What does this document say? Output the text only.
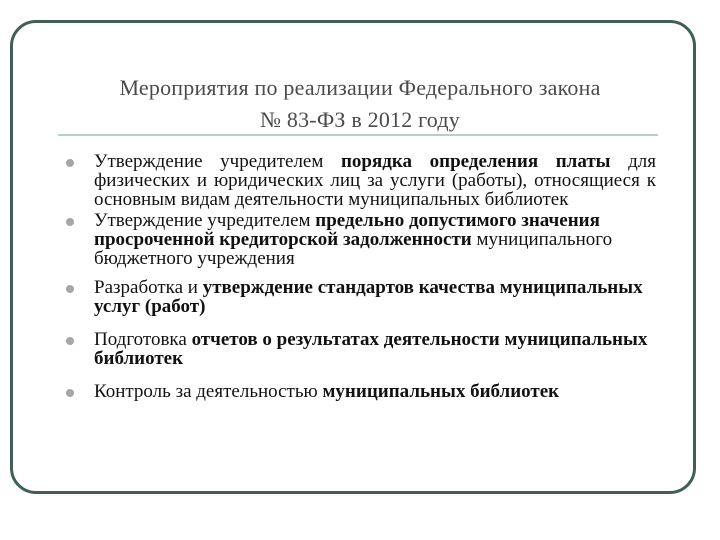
Мероприятия по реализации Федерального закона
№ 83-ФЗ в 2012 году
Утверждение учредителем порядка определения платы для физических и юридических лиц за услуги (работы), относящиеся к основным видам деятельности муниципальных библиотек
Утверждение учредителем предельно допустимого значения просроченной кредиторской задолженности муниципального бюджетного учреждения
Разработка и утверждение стандартов качества муниципальных услуг (работ)
Подготовка отчетов о результатах деятельности муниципальных библиотек
Контроль за деятельностью муниципальных библиотек
